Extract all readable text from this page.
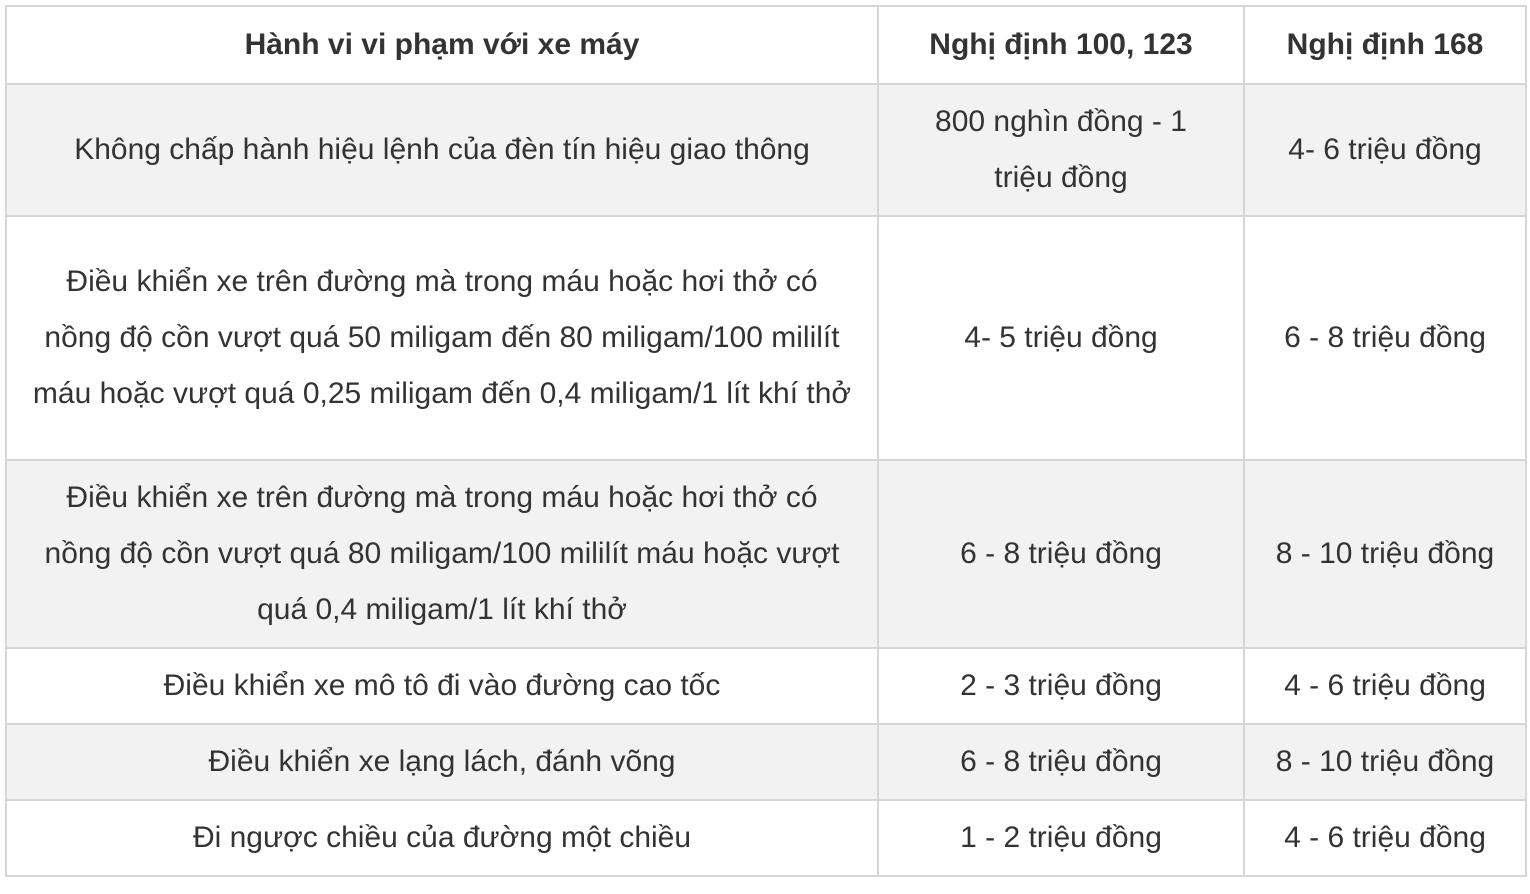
Hành vi vi phạm với xe máy	Nghị định 100, 123	Nghị định 168
Không chấp hành hiệu lệnh của đèn tín hiệu giao thông	800 nghìn đồng - 1 triệu đồng	4- 6 triệu đồng
Điều khiển xe trên đường mà trong máu hoặc hơi thở có nồng độ cồn vượt quá 50 miligam đến 80 miligam/100 mililít máu hoặc vượt quá 0,25 miligam đến 0,4 miligam/1 lít khí thở	4- 5 triệu đồng	6 - 8 triệu đồng
Điều khiển xe trên đường mà trong máu hoặc hơi thở có nồng độ cồn vượt quá 80 miligam/100 mililít máu hoặc vượt quá 0,4 miligam/1 lít khí thở	6 - 8 triệu đồng	8 - 10 triệu đồng
Điều khiển xe mô tô đi vào đường cao tốc	2 - 3 triệu đồng	4 - 6 triệu đồng
Điều khiển xe lạng lách, đánh võng	6 - 8 triệu đồng	8 - 10 triệu đồng
Đi ngược chiều của đường một chiều	1 - 2 triệu đồng	4 - 6 triệu đồng
